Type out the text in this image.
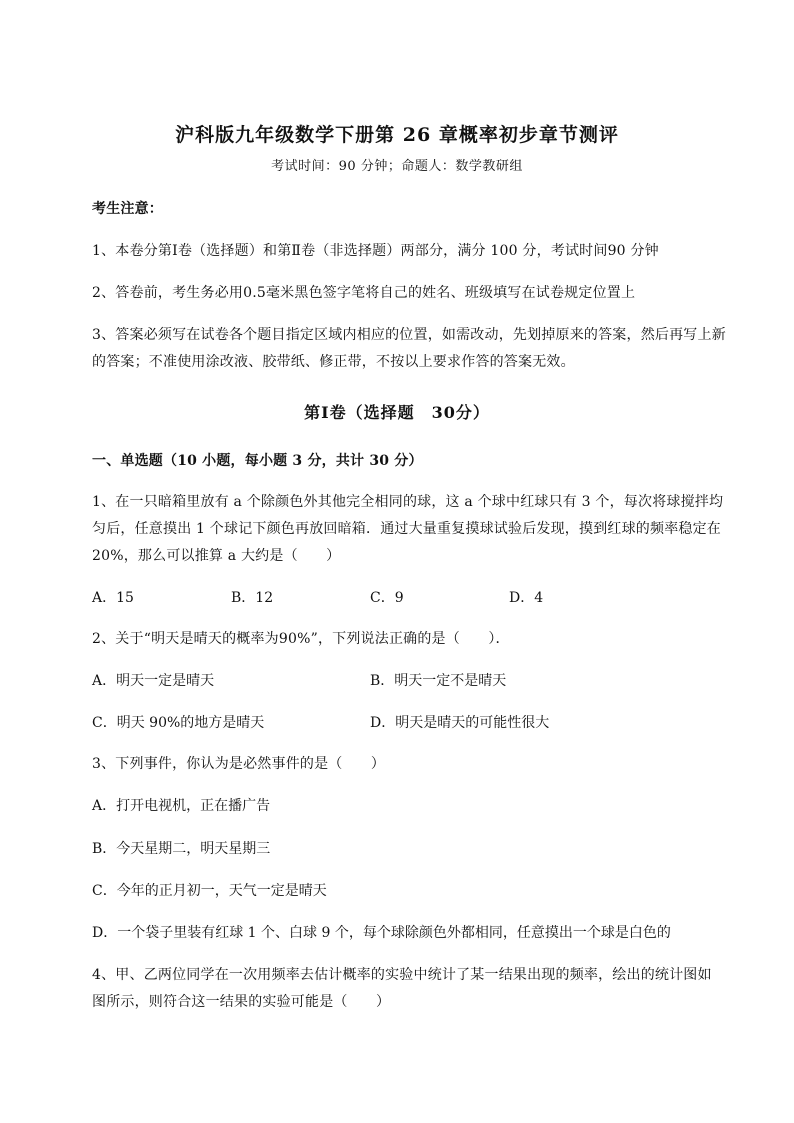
沪科版九年级数学下册第 26 章概率初步章节测评
考试时间：90 分钟；命题人：数学教研组
考生注意：
1、本卷分第Ⅰ卷（选择题）和第Ⅱ卷（非选择题）两部分，满分 100 分，考试时间90 分钟
2、答卷前，考生务必用0.5毫米黑色签字笔将自己的姓名、班级填写在试卷规定位置上
3、答案必须写在试卷各个题目指定区域内相应的位置，如需改动，先划掉原来的答案，然后再写上新
的答案；不准使用涂改液、胶带纸、修正带，不按以上要求作答的答案无效。
第Ⅰ卷（选择题　30分）
一、单选题（10 小题，每小题 3 分，共计 30 分）
1、在一只暗箱里放有 a 个除颜色外其他完全相同的球，这 a 个球中红球只有 3 个，每次将球搅拌均
匀后，任意摸出 1 个球记下颜色再放回暗箱．通过大量重复摸球试验后发现，摸到红球的频率稳定在
20%，那么可以推算 a 大约是（　　）
A．15	B．12	C．9	D．4
2、关于“明天是晴天的概率为90%”，下列说法正确的是（　　）．
A．明天一定是晴天	B．明天一定不是晴天
C．明天 90%的地方是晴天	D．明天是晴天的可能性很大
3、下列事件，你认为是必然事件的是（　　）
A．打开电视机，正在播广告
B．今天星期二，明天星期三
C．今年的正月初一，天气一定是晴天
D．一个袋子里装有红球 1 个、白球 9 个，每个球除颜色外都相同，任意摸出一个球是白色的
4、甲、乙两位同学在一次用频率去估计概率的实验中统计了某一结果出现的频率，绘出的统计图如
图所示，则符合这一结果的实验可能是（　　）
